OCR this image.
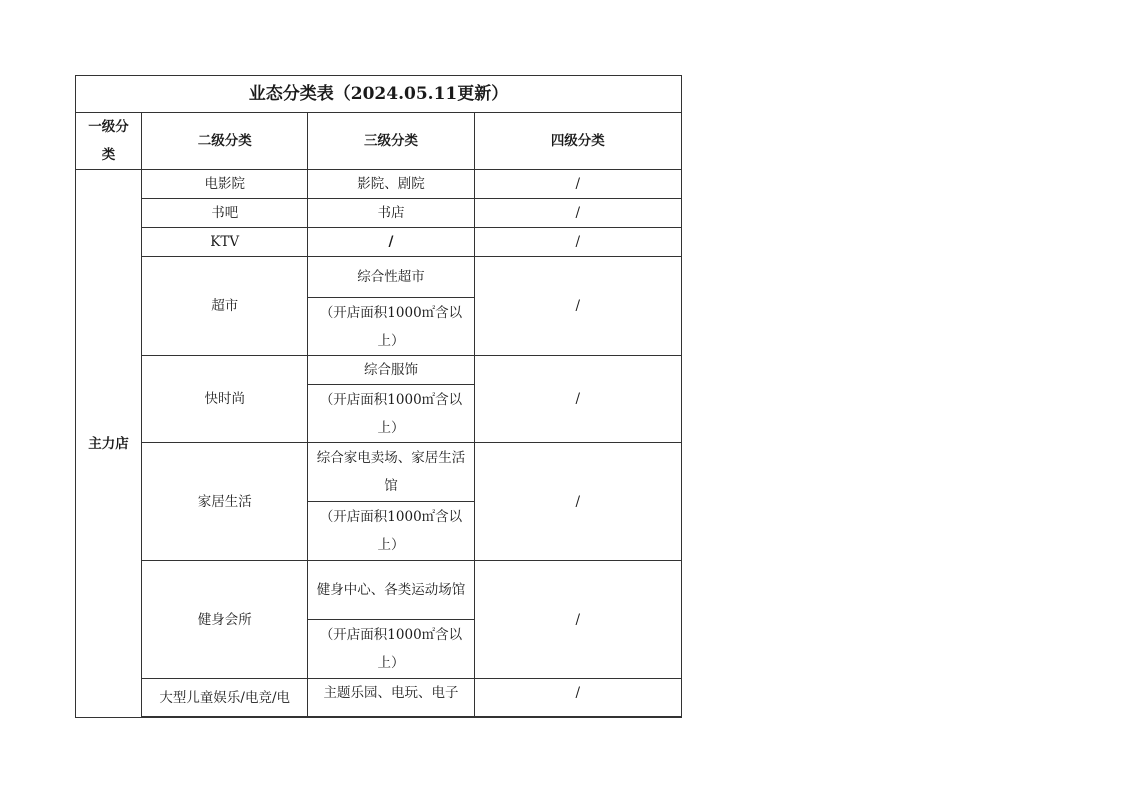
业态分类表（2024.05.11更新）			
一级分类	二级分类	三级分类	四级分类
主力店	电影院	影院、剧院	/
	书吧	书店	/
	KTV	/	/
	超市	综合性超市	/
		（开店面积1000㎡含以上）	
	快时尚	综合服饰	/
		（开店面积1000㎡含以上）	
	家居生活	综合家电卖场、家居生活馆	/
		（开店面积1000㎡含以上）	
	健身会所	健身中心、各类运动场馆	/
		（开店面积1000㎡含以上）	
	大型儿童娱乐/电竞/电	主题乐园、电玩、电子	/
